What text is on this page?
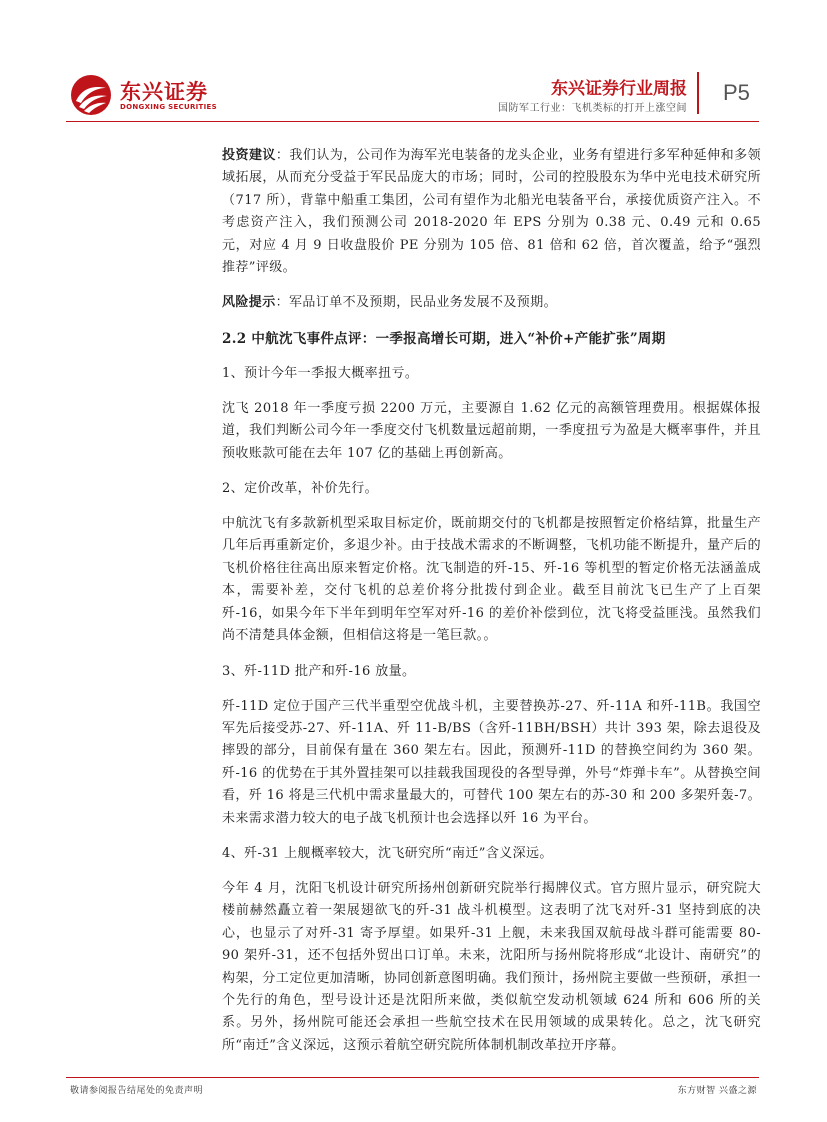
东兴证券
DONGXING SECURITIES
东兴证券行业周报
国防军工行业：飞机类标的打开上涨空间
P5

投资建议：我们认为，公司作为海军光电装备的龙头企业，业务有望进行多军种延伸和多领域拓展，从而充分受益于军民品庞大的市场；同时，公司的控股股东为华中光电技术研究所（717 所），背靠中船重工集团，公司有望作为北船光电装备平台，承接优质资产注入。不考虑资产注入，我们预测公司 2018-2020 年 EPS 分别为 0.38 元、0.49 元和 0.65 元，对应 4 月 9 日收盘股价 PE 分别为 105 倍、81 倍和 62 倍，首次覆盖，给予“强烈推荐”评级。

风险提示：军品订单不及预期，民品业务发展不及预期。

2.2 中航沈飞事件点评：一季报高增长可期，进入“补价+产能扩张”周期
1、预计今年一季报大概率扭亏。

沈飞 2018 年一季度亏损 2200 万元，主要源自 1.62 亿元的高额管理费用。根据媒体报道，我们判断公司今年一季度交付飞机数量远超前期，一季度扭亏为盈是大概率事件，并且预收账款可能在去年 107 亿的基础上再创新高。

2、定价改革，补价先行。

中航沈飞有多款新机型采取目标定价，既前期交付的飞机都是按照暂定价格结算，批量生产几年后再重新定价，多退少补。由于技战术需求的不断调整，飞机功能不断提升，量产后的飞机价格往往高出原来暂定价格。沈飞制造的歼-15、歼-16 等机型的暂定价格无法涵盖成本，需要补差，交付飞机的总差价将分批拨付到企业。截至目前沈飞已生产了上百架歼-16，如果今年下半年到明年空军对歼-16 的差价补偿到位，沈飞将受益匪浅。虽然我们尚不清楚具体金额，但相信这将是一笔巨款。。

3、歼-11D 批产和歼-16 放量。

歼-11D 定位于国产三代半重型空优战斗机，主要替换苏-27、歼-11A 和歼-11B。我国空军先后接受苏-27、歼-11A、歼 11-B/BS（含歼-11BH/BSH）共计 393 架，除去退役及摔毁的部分，目前保有量在 360 架左右。因此，预测歼-11D 的替换空间约为 360 架。歼-16 的优势在于其外置挂架可以挂载我国现役的各型导弹，外号“炸弹卡车”。从替换空间看，歼 16 将是三代机中需求量最大的，可替代 100 架左右的苏-30 和 200 多架歼轰-7。未来需求潜力较大的电子战飞机预计也会选择以歼 16 为平台。

4、歼-31 上舰概率较大，沈飞研究所“南迁”含义深远。

今年 4 月，沈阳飞机设计研究所扬州创新研究院举行揭牌仪式。官方照片显示，研究院大楼前赫然矗立着一架展翅欲飞的歼-31 战斗机模型。这表明了沈飞对歼-31 坚持到底的决心，也显示了对歼-31 寄予厚望。如果歼-31 上舰，未来我国双航母战斗群可能需要 80-90 架歼-31，还不包括外贸出口订单。未来，沈阳所与扬州院将形成“北设计、南研究”的构架，分工定位更加清晰，协同创新意图明确。我们预计，扬州院主要做一些预研，承担一个先行的角色，型号设计还是沈阳所来做，类似航空发动机领域 624 所和 606 所的关系。另外，扬州院可能还会承担一些航空技术在民用领域的成果转化。总之，沈飞研究所“南迁”含义深远，这预示着航空研究院所体制机制改革拉开序幕。

敬请参阅报告结尾处的免责声明	东方财智 兴盛之源
